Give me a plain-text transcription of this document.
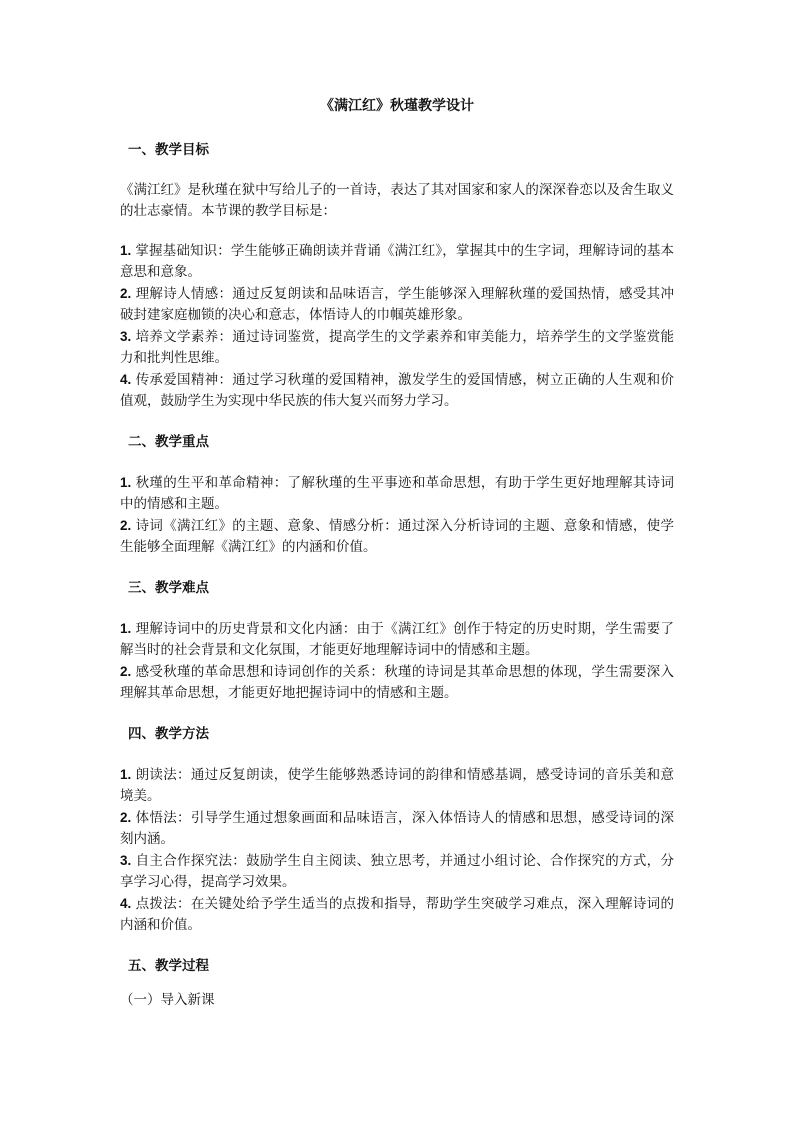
《满江红》秋瑾教学设计

一、教学目标

《满江红》是秋瑾在狱中写给儿子的一首诗，表达了其对国家和家人的深深眷恋以及舍生取义的壮志豪情。本节课的教学目标是：

1. 掌握基础知识：学生能够正确朗读并背诵《满江红》，掌握其中的生字词，理解诗词的基本意思和意象。

2. 理解诗人情感：通过反复朗读和品味语言，学生能够深入理解秋瑾的爱国热情，感受其冲破封建家庭枷锁的决心和意志，体悟诗人的巾帼英雄形象。

3. 培养文学素养：通过诗词鉴赏，提高学生的文学素养和审美能力，培养学生的文学鉴赏能力和批判性思维。

4. 传承爱国精神：通过学习秋瑾的爱国精神，激发学生的爱国情感，树立正确的人生观和价值观，鼓励学生为实现中华民族的伟大复兴而努力学习。

二、教学重点

1. 秋瑾的生平和革命精神：了解秋瑾的生平事迹和革命思想，有助于学生更好地理解其诗词中的情感和主题。

2. 诗词《满江红》的主题、意象、情感分析：通过深入分析诗词的主题、意象和情感，使学生能够全面理解《满江红》的内涵和价值。

三、教学难点

1. 理解诗词中的历史背景和文化内涵：由于《满江红》创作于特定的历史时期，学生需要了解当时的社会背景和文化氛围，才能更好地理解诗词中的情感和主题。

2. 感受秋瑾的革命思想和诗词创作的关系：秋瑾的诗词是其革命思想的体现，学生需要深入理解其革命思想，才能更好地把握诗词中的情感和主题。

四、教学方法

1. 朗读法：通过反复朗读，使学生能够熟悉诗词的韵律和情感基调，感受诗词的音乐美和意境美。

2. 体悟法：引导学生通过想象画面和品味语言，深入体悟诗人的情感和思想，感受诗词的深刻内涵。

3. 自主合作探究法：鼓励学生自主阅读、独立思考，并通过小组讨论、合作探究的方式，分享学习心得，提高学习效果。

4. 点拨法：在关键处给予学生适当的点拨和指导，帮助学生突破学习难点，深入理解诗词的内涵和价值。

五、教学过程

（一）导入新课
